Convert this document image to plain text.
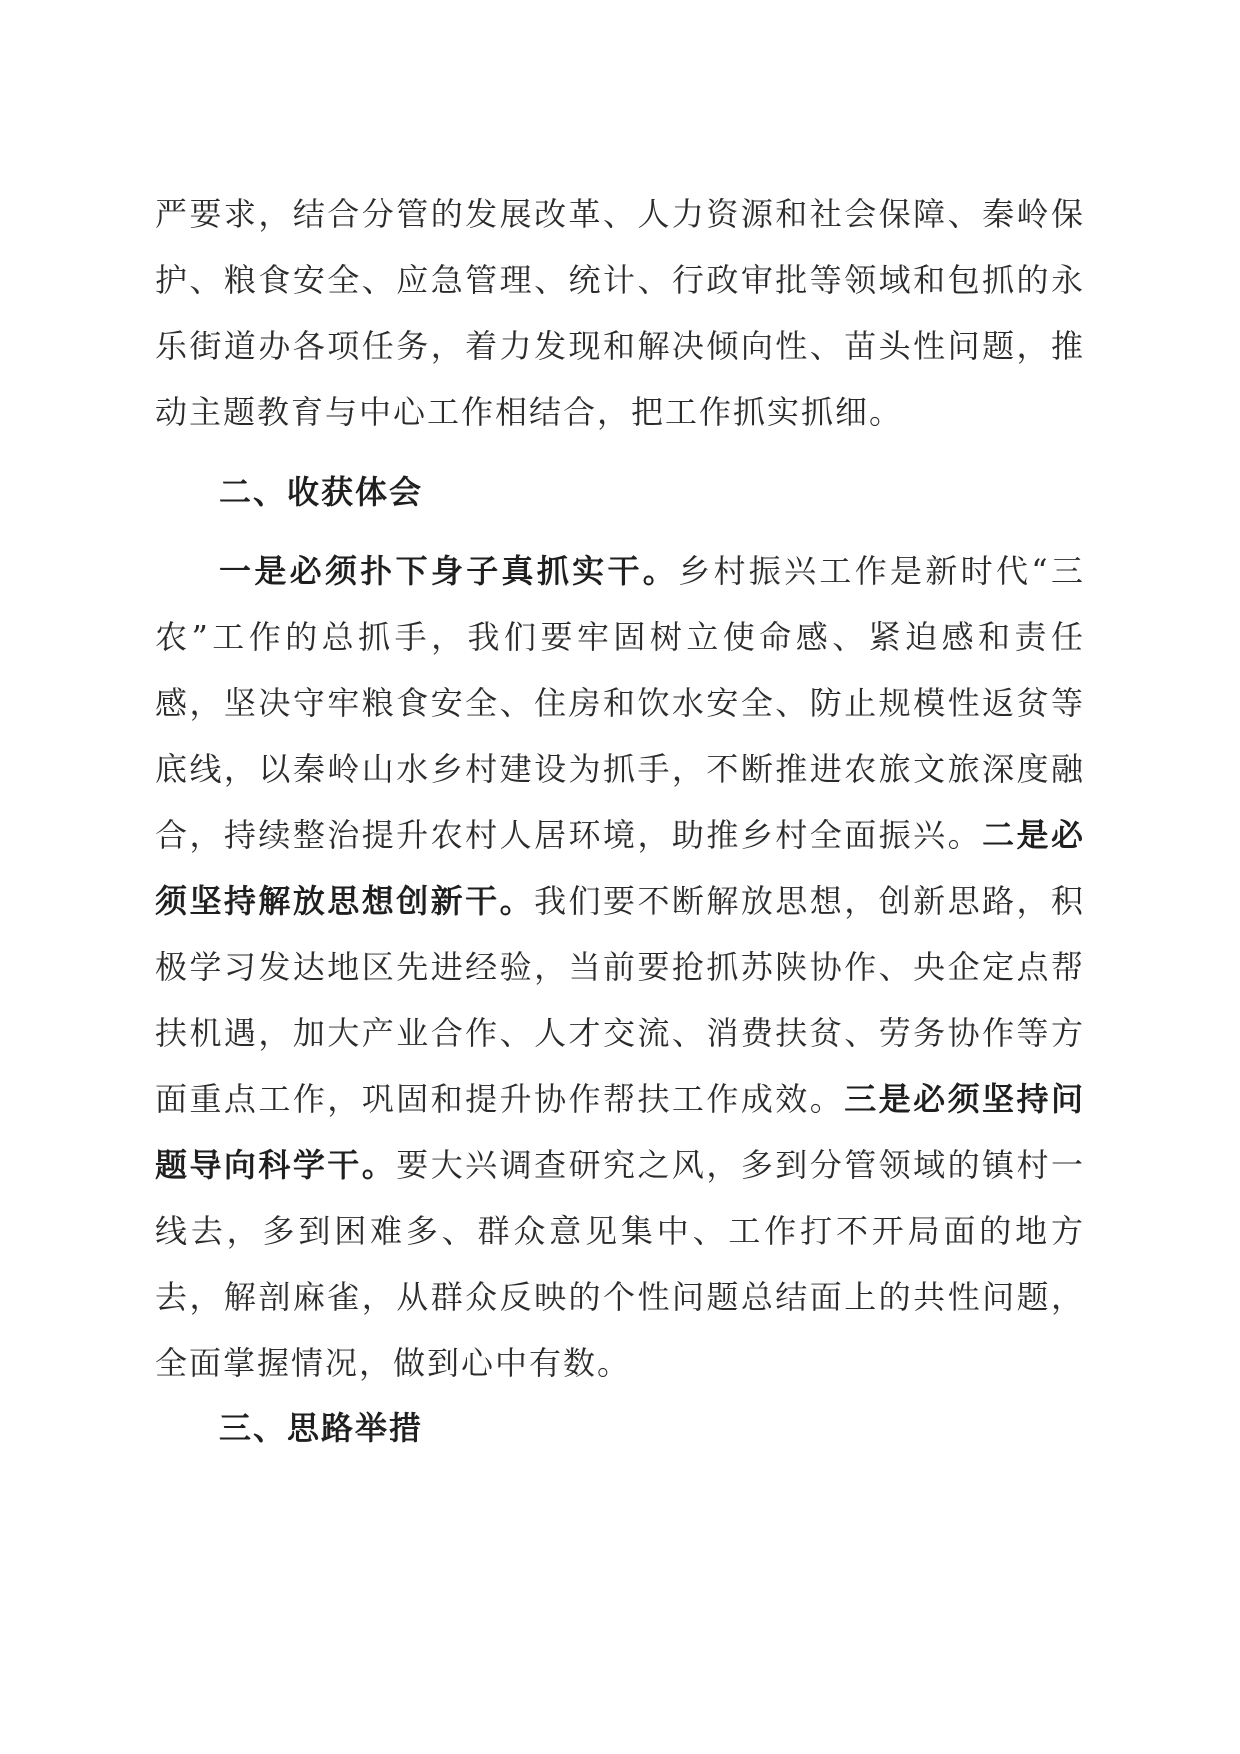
严要求，结合分管的发展改革、人力资源和社会保障、秦岭保护、粮食安全、应急管理、统计、行政审批等领域和包抓的永乐街道办各项任务，着力发现和解决倾向性、苗头性问题，推动主题教育与中心工作相结合，把工作抓实抓细。

二、收获体会

一是必须扑下身子真抓实干。乡村振兴工作是新时代“三农”工作的总抓手，我们要牢固树立使命感、紧迫感和责任感，坚决守牢粮食安全、住房和饮水安全、防止规模性返贫等底线，以秦岭山水乡村建设为抓手，不断推进农旅文旅深度融合，持续整治提升农村人居环境，助推乡村全面振兴。二是必须坚持解放思想创新干。我们要不断解放思想，创新思路，积极学习发达地区先进经验，当前要抢抓苏陕协作、央企定点帮扶机遇，加大产业合作、人才交流、消费扶贫、劳务协作等方面重点工作，巩固和提升协作帮扶工作成效。三是必须坚持问题导向科学干。要大兴调查研究之风，多到分管领域的镇村一线去，多到困难多、群众意见集中、工作打不开局面的地方去，解剖麻雀，从群众反映的个性问题总结面上的共性问题，全面掌握情况，做到心中有数。

三、思路举措
